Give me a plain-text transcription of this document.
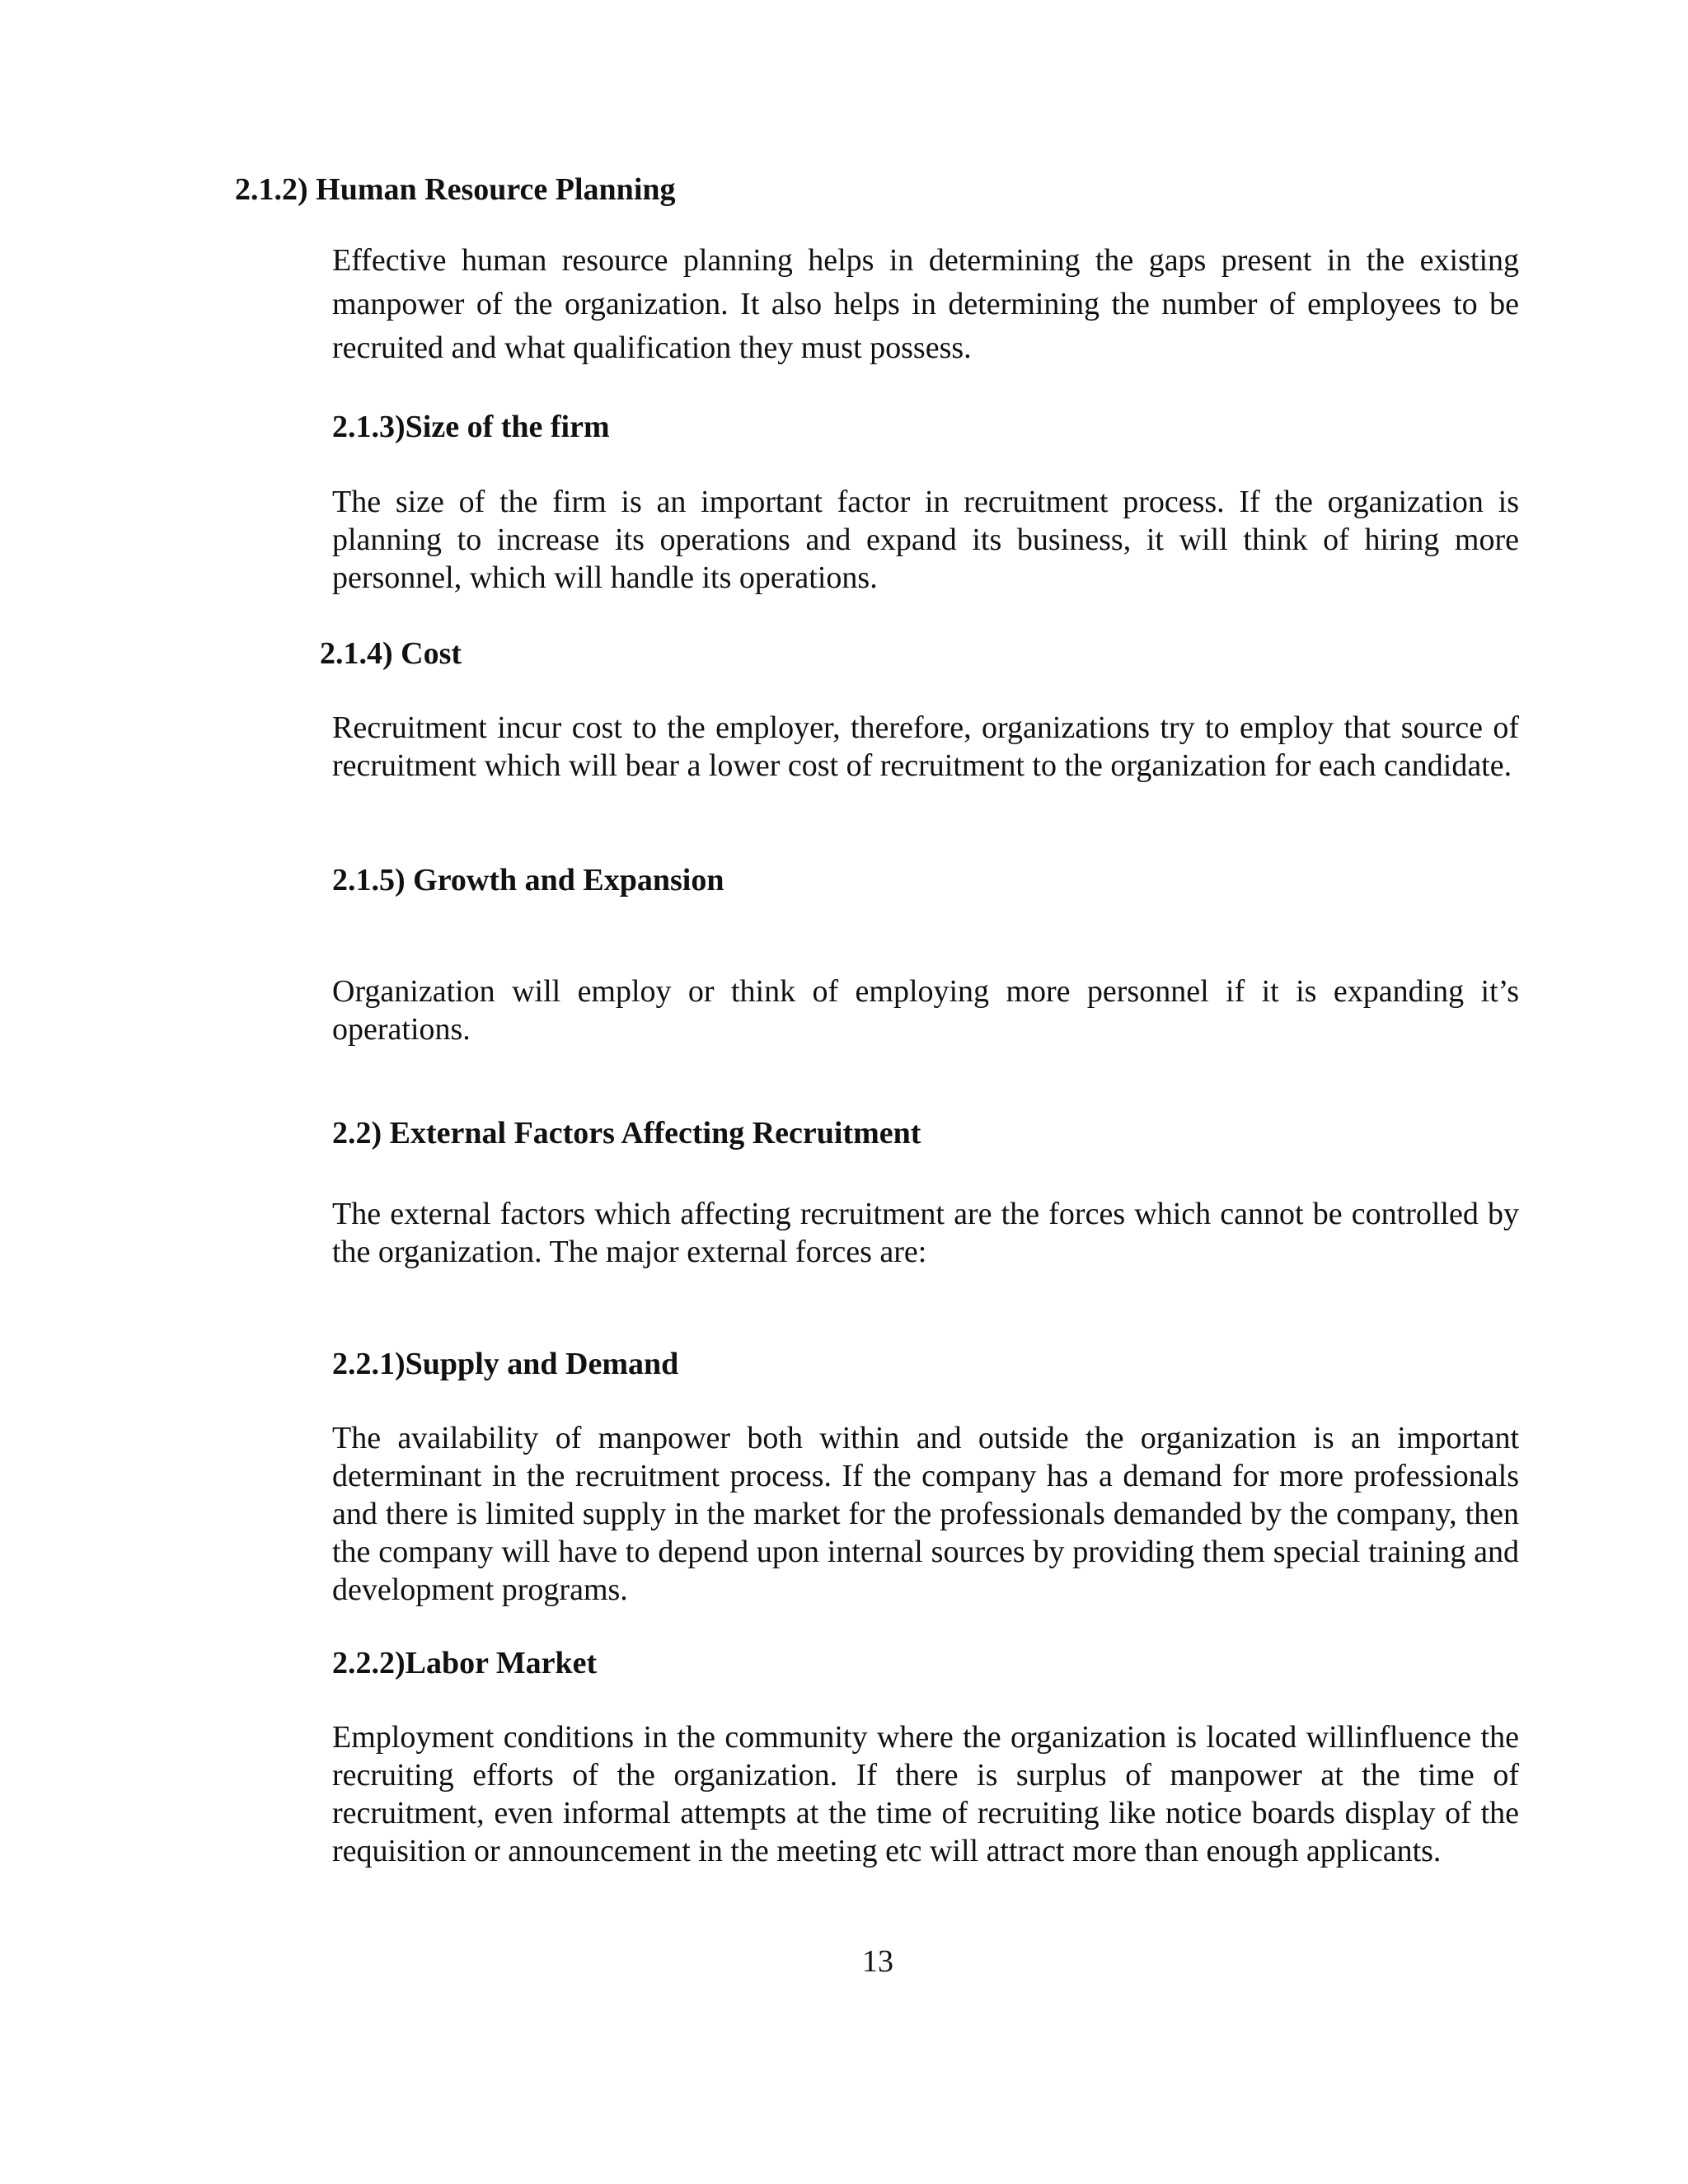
2.1.2) Human Resource Planning
Effective human resource planning helps in determining the gaps present in the existing manpower of the organization. It also helps in determining the number of employees to be recruited and what qualification they must possess.
2.1.3)Size of the firm
The size of the firm is an important factor in recruitment process. If the organization is planning to increase its operations and expand its business, it will think of hiring more personnel, which will handle its operations.
2.1.4) Cost
Recruitment incur cost to the employer, therefore, organizations try to employ that source of recruitment which will bear a lower cost of recruitment to the organization for each candidate.
2.1.5) Growth and Expansion
Organization will employ or think of employing more personnel if it is expanding it’s operations.
2.2) External Factors Affecting Recruitment
The external factors which affecting recruitment are the forces which cannot be controlled by the organization. The major external forces are:
2.2.1)Supply and Demand
The availability of manpower both within and outside the organization is an important determinant in the recruitment process. If the company has a demand for more professionals and there is limited supply in the market for the professionals demanded by the company, then the company will have to depend upon internal sources by providing them special training and development programs.
2.2.2)Labor Market
Employment conditions in the community where the organization is located willinfluence the recruiting efforts of the organization. If there is surplus of manpower at the time of recruitment, even informal attempts at the time of recruiting like notice boards display of the requisition or announcement in the meeting etc will attract more than enough applicants.
13
